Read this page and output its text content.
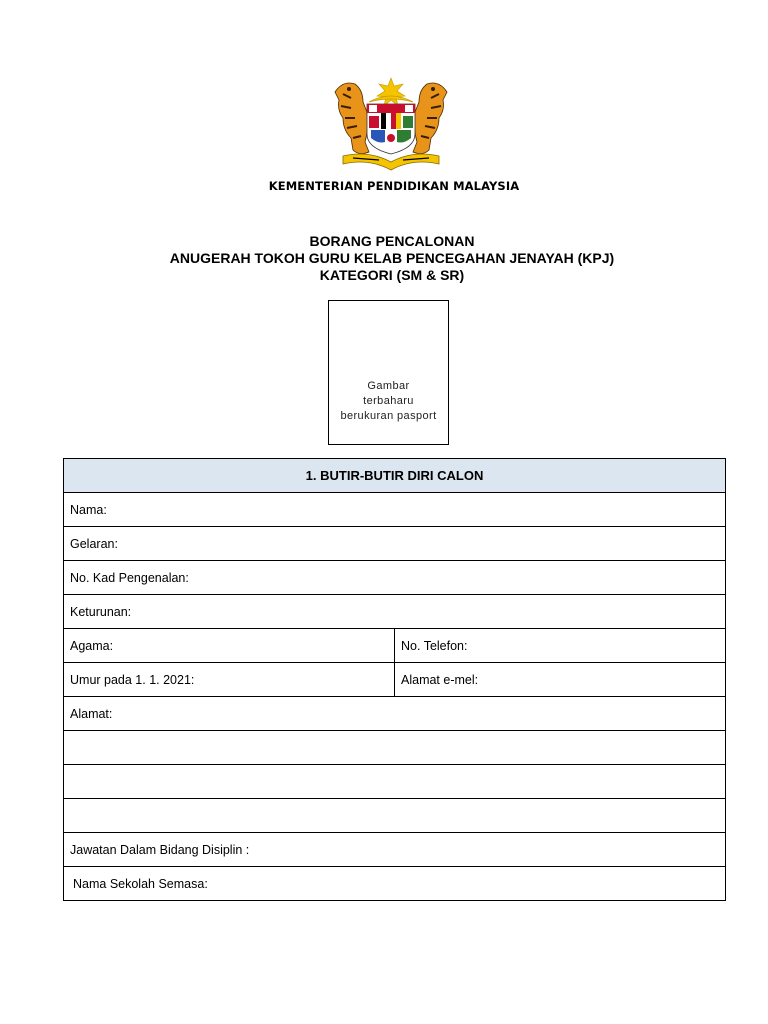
KEMENTERIAN PENDIDIKAN MALAYSIA
BORANG PENCALONAN
ANUGERAH TOKOH GURU KELAB PENCEGAHAN JENAYAH (KPJ)
KATEGORI (SM & SR)
Gambar
terbaharu
berukuran pasport
1. BUTIR-BUTIR DIRI CALON	
Nama:	
Gelaran:	
No. Kad Pengenalan:	
Keturunan:	
Agama:	No. Telefon:
Umur pada 1. 1. 2021:	Alamat e-mel:
Alamat:	

Jawatan Dalam Bidang Disiplin :	
Nama Sekolah Semasa:	
